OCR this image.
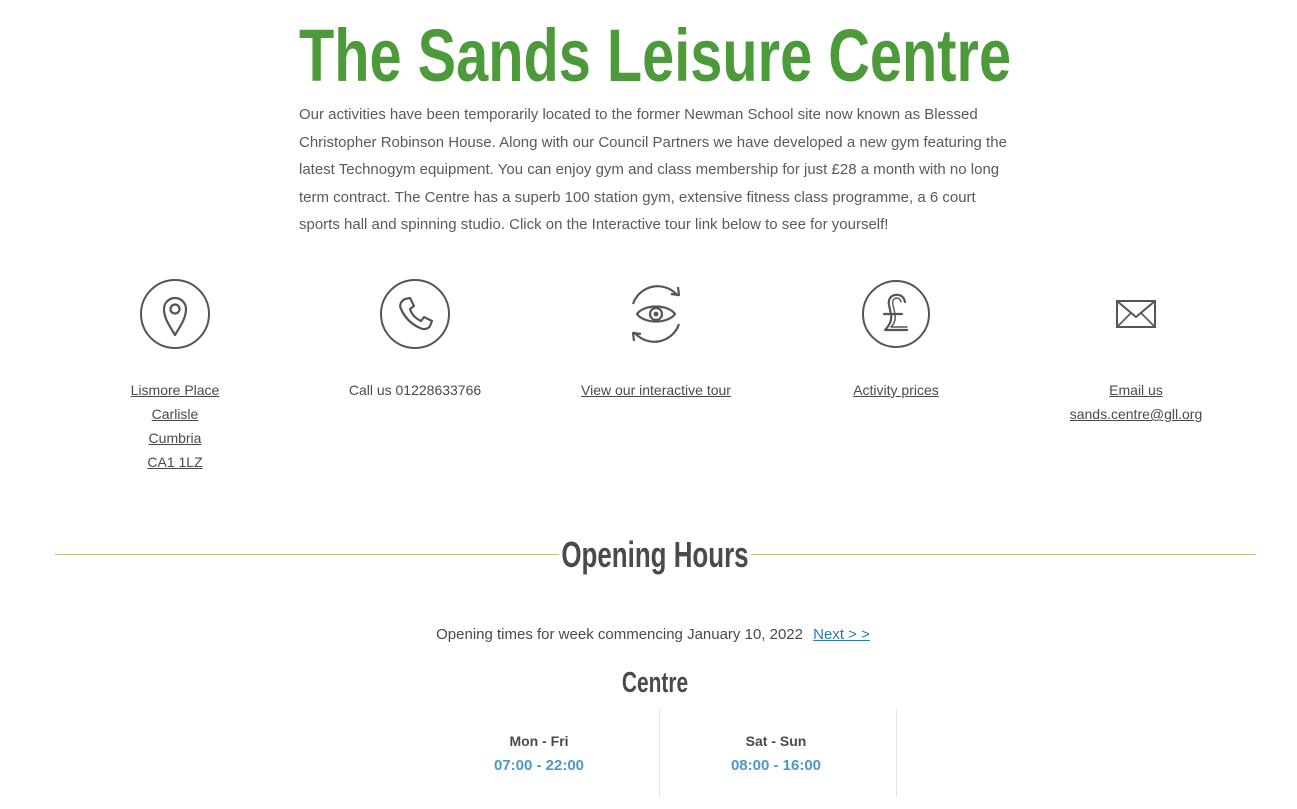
The Sands Leisure Centre

Our activities have been temporarily located to the former Newman School site now known as Blessed Christopher Robinson House. Along with our Council Partners we have developed a new gym featuring the latest Technogym equipment. You can enjoy gym and class membership for just £28 a month with no long term contract. The Centre has a superb 100 station gym, extensive fitness class programme, a 6 court sports hall and spinning studio. Click on the Interactive tour link below to see for yourself!

Lismore Place
Carlisle
Cumbria
CA1 1LZ
Call us 01228633766	View our interactive tour	Activity prices	Email us
sands.centre@gll.org
Opening Hours
Opening times for week commencing January 10, 2022 Next > >
Centre
Mon - Fri
07:00 - 22:00
Sat - Sun
08:00 - 16:00
